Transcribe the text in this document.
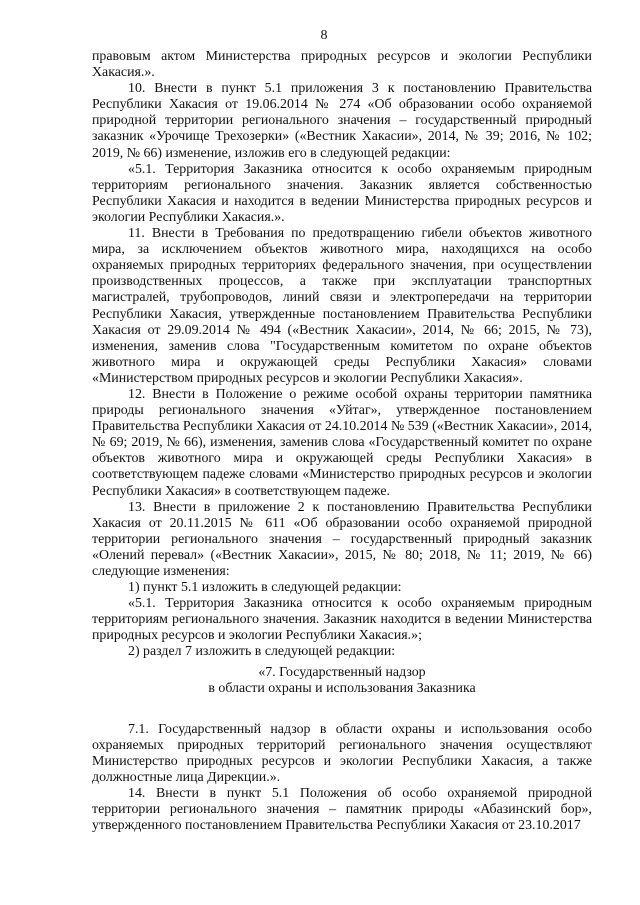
8

правовым актом Министерства природных ресурсов и экологии Республики Хакасия.».

10. Внести в пункт 5.1 приложения 3 к постановлению Правительства Республики Хакасия от 19.06.2014 № 274 «Об образовании особо охраняемой природной территории регионального значения – государственный природный заказник «Урочище Трехозерки» («Вестник Хакасии», 2014, № 39; 2016, № 102; 2019, № 66) изменение, изложив его в следующей редакции:

«5.1. Территория Заказника относится к особо охраняемым природным территориям регионального значения. Заказник является собственностью Республики Хакасия и находится в ведении Министерства природных ресурсов и экологии Республики Хакасия.».

11. Внести в Требования по предотвращению гибели объектов животного мира, за исключением объектов животного мира, находящихся на особо охраняемых природных территориях федерального значения, при осуществлении производственных процессов, а также при эксплуатации транспортных магистралей, трубопроводов, линий связи и электропередачи на территории Республики Хакасия, утвержденные постановлением Правительства Республики Хакасия от 29.09.2014 № 494 («Вестник Хакасии», 2014, № 66; 2015, № 73), изменения, заменив слова "Государственным комитетом по охране объектов животного мира и окружающей среды Республики Хакасия» словами «Министерством природных ресурсов и экологии Республики Хакасия».

12. Внести в Положение о режиме особой охраны территории памятника природы регионального значения «Уйтаг», утвержденное постановлением Правительства Республики Хакасия от 24.10.2014 № 539 («Вестник Хакасии», 2014, № 69; 2019, № 66), изменения, заменив слова «Государственный комитет по охране объектов животного мира и окружающей среды Республики Хакасия» в соответствующем падеже словами «Министерство природных ресурсов и экологии Республики Хакасия» в соответствующем падеже.

13. Внести в приложение 2 к постановлению Правительства Республики Хакасия от 20.11.2015 № 611 «Об образовании особо охраняемой природной территории регионального значения – государственный природный заказник «Олений перевал» («Вестник Хакасии», 2015, № 80; 2018, № 11; 2019, № 66) следующие изменения:

1) пункт 5.1 изложить в следующей редакции:

«5.1. Территория Заказника относится к особо охраняемым природным территориям регионального значения. Заказник находится в ведении Министерства природных ресурсов и экологии Республики Хакасия.»;

2) раздел 7 изложить в следующей редакции:

«7. Государственный надзор

в области охраны и использования Заказника

7.1. Государственный надзор в области охраны и использования особо охраняемых природных территорий регионального значения осуществляют Министерство природных ресурсов и экологии Республики Хакасия, а также должностные лица Дирекции.».

14. Внести в пункт 5.1 Положения об особо охраняемой природной территории регионального значения – памятник природы «Абазинский бор», утвержденного постановлением Правительства Республики Хакасия от 23.10.2017
